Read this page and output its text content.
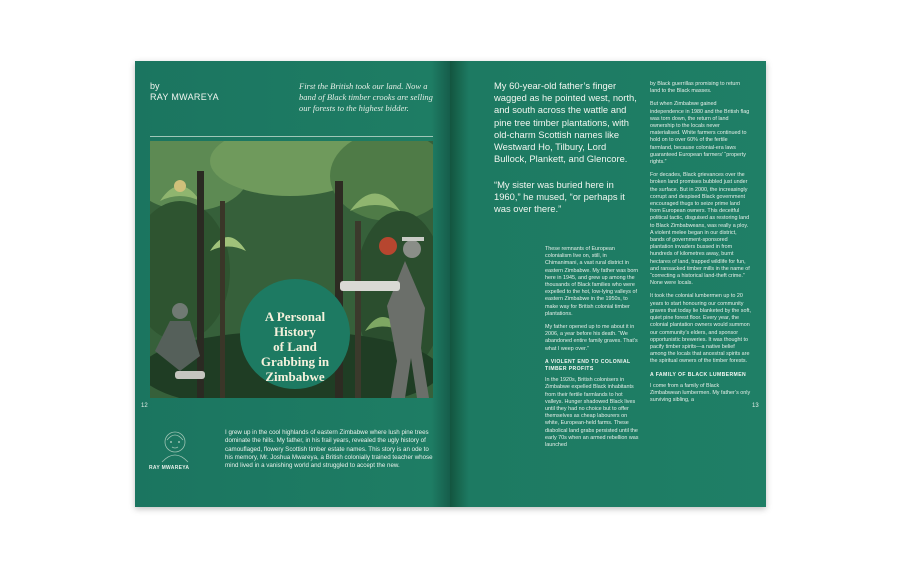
by
RAY MWAREYA
First the British took our land. Now a band of Black timber crooks are selling our forests to the highest bidder.
A Personal
History
of Land
Grabbing in
Zimbabwe
12
RAY MWAREYA
I grew up in the cool highlands of eastern Zimbabwe where lush pine trees dominate the hills. My father, in his frail years, revealed the ugly history of camouflaged, flowery Scottish timber estate names. This story is an ode to his memory, Mr. Joshua Mwareya, a British colonially trained teacher whose mind lived in a vanishing world and struggled to accept the new.
My 60-year-old father’s finger wagged as he pointed west, north, and south across the wattle and pine tree timber plantations, with old-charm Scottish names like Westward Ho, Tilbury, Lord Bullock, Plankett, and Glencore.
“My sister was buried here in 1960,” he mused, “or perhaps it was over there.”

These remnants of European colonialism live on, still, in Chimanimani, a vast rural district in eastern Zimbabwe. My father was born here in 1945, and grew up among the thousands of Black families who were expelled to the hot, low-lying valleys of eastern Zimbabwe in the 1950s, to make way for British colonial timber plantations.

My father opened up to me about it in 2006, a year before his death. “We abandoned entire family graves. That’s what I weep over.”

A VIOLENT END TO COLONIAL TIMBER PROFITS

In the 1920s, British colonisers in Zimbabwe expelled Black inhabitants from their fertile farmlands to hot valleys. Hunger shadowed Black lives until they had no choice but to offer themselves as cheap labourers on white, European-held farms. These diabolical land grabs persisted until the early 70s when an armed rebellion was launched

by Black guerrillas promising to return land to the Black masses.

But when Zimbabwe gained independence in 1980 and the British flag was torn down, the return of land ownership to the locals never materialised. White farmers continued to hold on to over 60% of the fertile farmland, because colonial-era laws guaranteed European farmers’ “property rights.”

For decades, Black grievances over the broken land promises bubbled just under the surface. But in 2000, the increasingly corrupt and despised Black government encouraged thugs to seize prime land from European owners. This deceitful political tactic, disguised as restoring land to Black Zimbabweans, was really a ploy. A violent melee began in our district, bands of government-sponsored plantation invaders bussed in from hundreds of kilometres away, burnt hectares of land, trapped wildlife for fun, and ransacked timber mills in the name of “correcting a historical land-theft crime.” None were locals.

It took the colonial lumbermen up to 20 years to start honouring our community graves that today lie blanketed by the soft, quiet pine forest floor. Every year, the colonial plantation owners would summon our community’s elders, and sponsor opportunistic breweries. It was thought to pacify timber spirits—a native belief among the locals that ancestral spirits are the spiritual owners of the timber forests.

A FAMILY OF BLACK LUMBERMEN

I come from a family of Black Zimbabwean lumbermen. My father’s only surviving sibling, a

13
